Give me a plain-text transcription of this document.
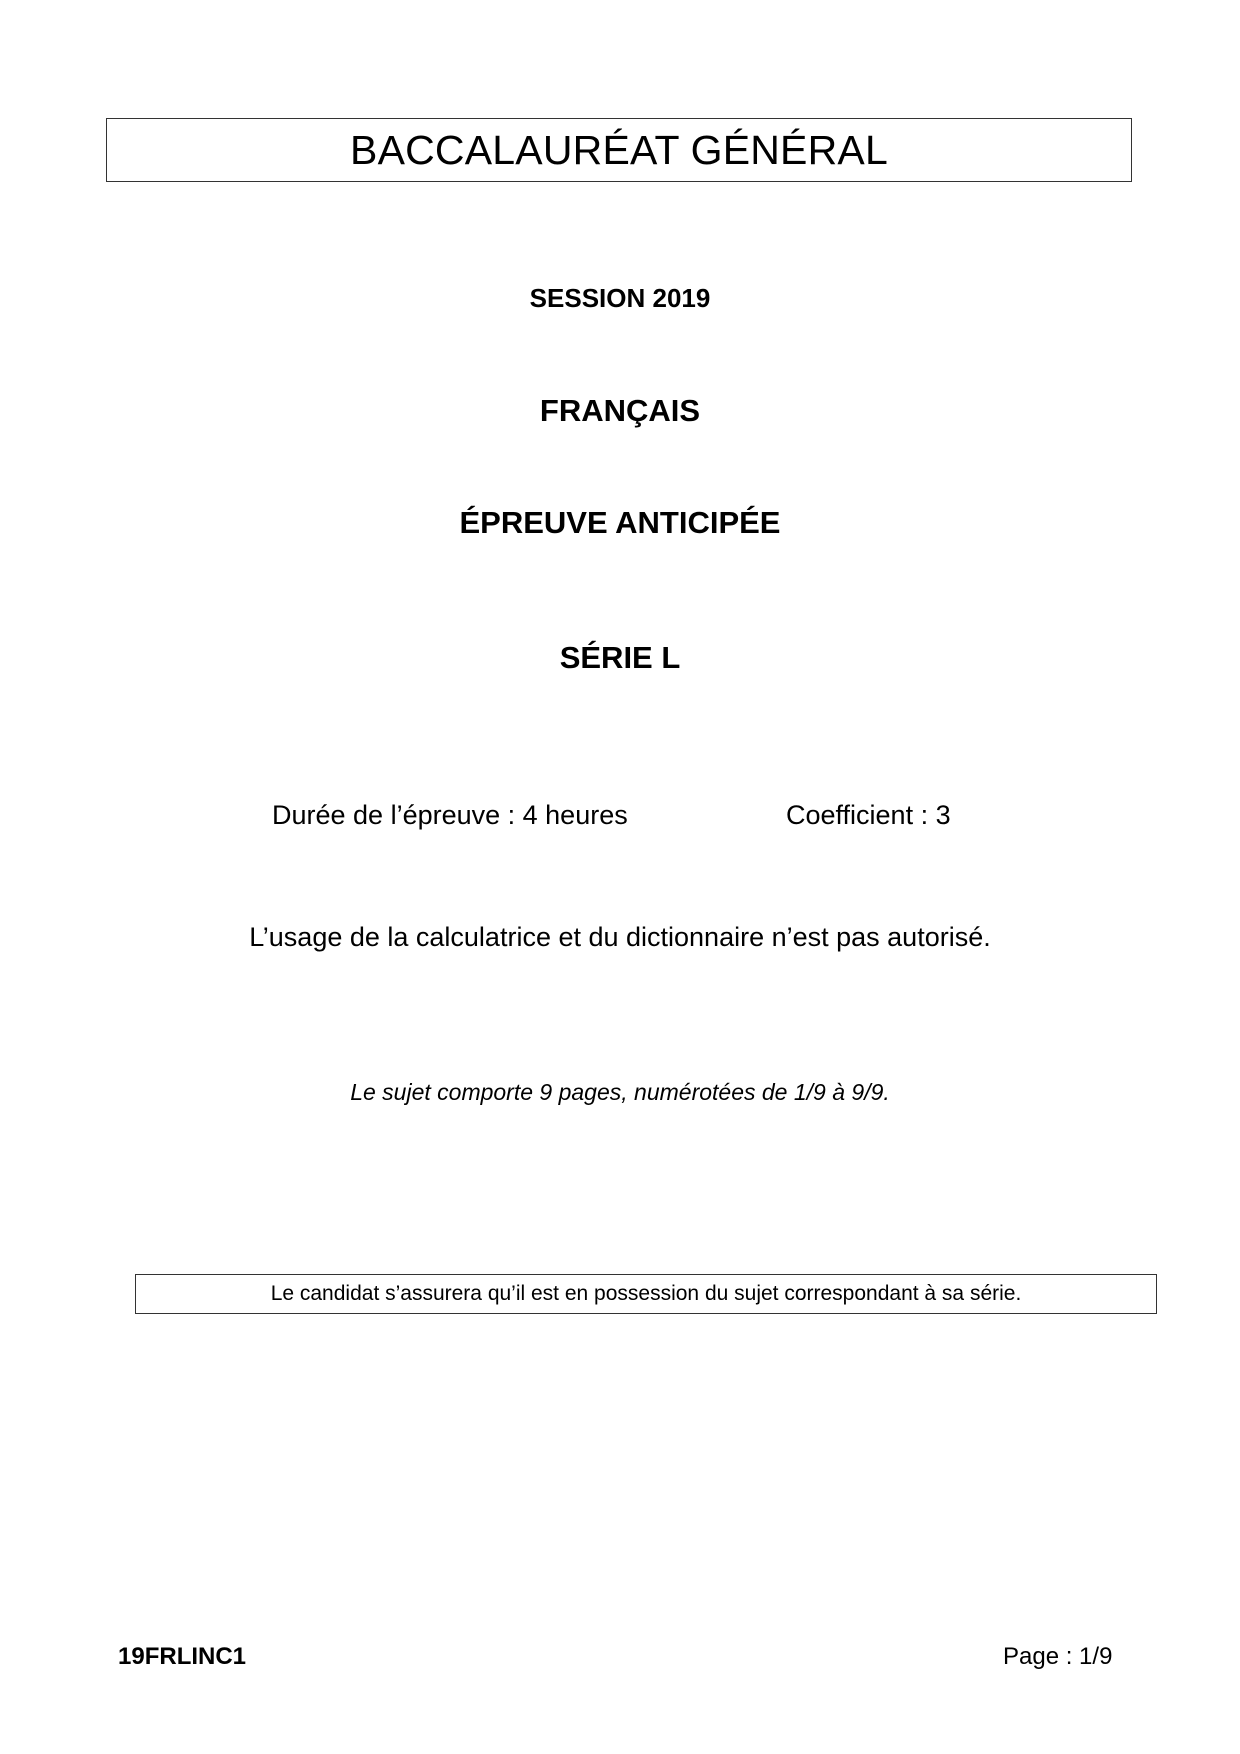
BACCALAURÉAT GÉNÉRAL
SESSION 2019
FRANÇAIS
ÉPREUVE ANTICIPÉE
SÉRIE L
Durée de l’épreuve : 4 heures	Coefficient : 3
L’usage de la calculatrice et du dictionnaire n’est pas autorisé.
Le sujet comporte 9 pages, numérotées de 1/9 à 9/9.
Le candidat s’assurera qu’il est en possession du sujet correspondant à sa série.
19FRLINC1	Page : 1/9
